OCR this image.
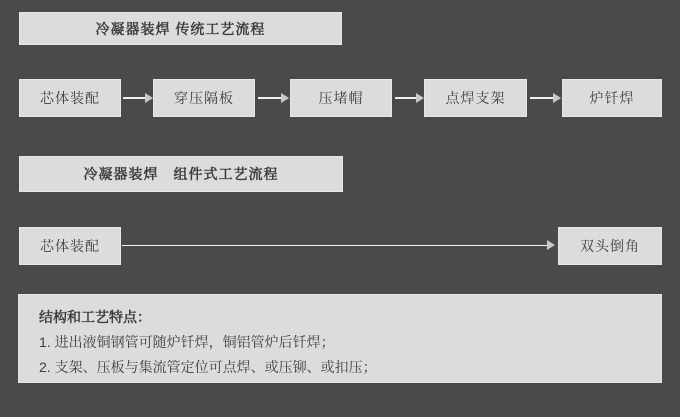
冷凝器装焊 传统工艺流程
芯体装配	穿压隔板	压堵帽	点焊支架	炉钎焊
冷凝器装焊　组件式工艺流程
芯体装配	双头倒角
结构和工艺特点：
1. 进出液铜钢管可随炉钎焊，铜铝管炉后钎焊；
2. 支架、压板与集流管定位可点焊、或压铆、或扣压；
